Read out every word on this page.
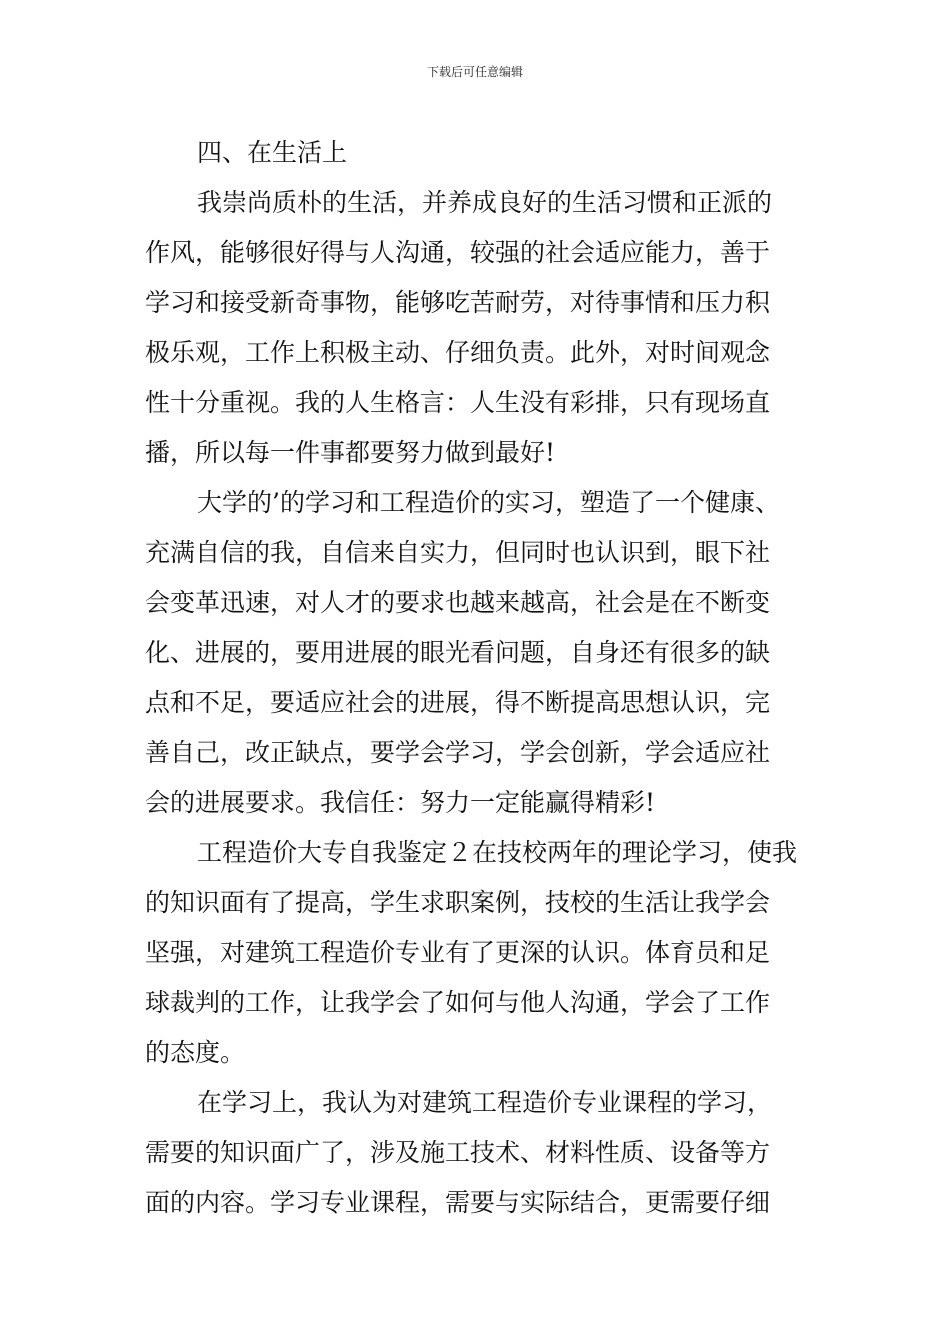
下载后可任意编辑

四、在生活上

我崇尚质朴的生活，并养成良好的生活习惯和正派的
作风，能够很好得与人沟通，较强的社会适应能力，善于
学习和接受新奇事物，能够吃苦耐劳，对待事情和压力积
极乐观，工作上积极主动、仔细负责。此外，对时间观念
性十分重视。我的人生格言：人生没有彩排，只有现场直
播，所以每一件事都要努力做到最好!
大学的’的学习和工程造价的实习，塑造了一个健康、
充满自信的我，自信来自实力，但同时也认识到，眼下社
会变革迅速，对人才的要求也越来越高，社会是在不断变
化、进展的，要用进展的眼光看问题，自身还有很多的缺
点和不足，要适应社会的进展，得不断提高思想认识，完
善自己，改正缺点，要学会学习，学会创新，学会适应社
会的进展要求。我信任：努力一定能赢得精彩!
工程造价大专自我鉴定２在技校两年的理论学习，使我
的知识面有了提高，学生求职案例，技校的生活让我学会
坚强，对建筑工程造价专业有了更深的认识。体育员和足
球裁判的工作，让我学会了如何与他人沟通，学会了工作
的态度。
在学习上，我认为对建筑工程造价专业课程的学习，
需要的知识面广了，涉及施工技术、材料性质、设备等方
面的内容。学习专业课程，需要与实际结合，更需要仔细
